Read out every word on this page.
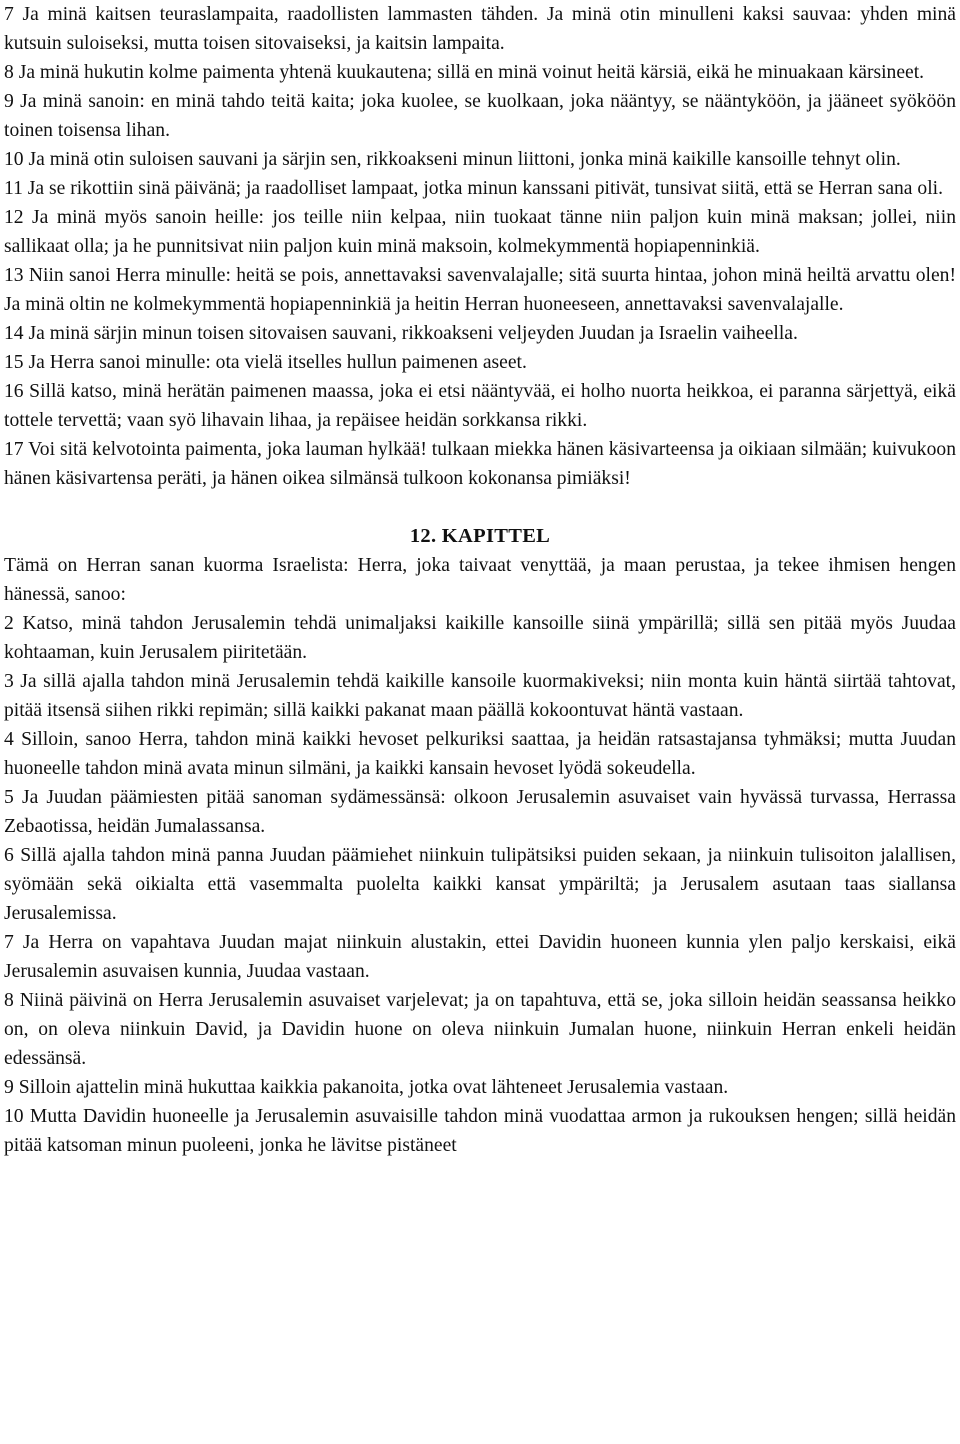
7 Ja minä kaitsen teuraslampaita, raadollisten lammasten tähden. Ja minä otin minulleni kaksi sauvaa: yhden minä kutsuin suloiseksi, mutta toisen sitovaiseksi, ja kaitsin lampaita.

8 Ja minä hukutin kolme paimenta yhtenä kuukautena; sillä en minä voinut heitä kärsiä, eikä he minuakaan kärsineet.

9 Ja minä sanoin: en minä tahdo teitä kaita; joka kuolee, se kuolkaan, joka nääntyy, se nääntyköön, ja jääneet syököön toinen toisensa lihan.

10 Ja minä otin suloisen sauvani ja särjin sen, rikkoakseni minun liittoni, jonka minä kaikille kansoille tehnyt olin.

11 Ja se rikottiin sinä päivänä; ja raadolliset lampaat, jotka minun kanssani pitivät, tunsivat siitä, että se Herran sana oli.

12 Ja minä myös sanoin heille: jos teille niin kelpaa, niin tuokaat tänne niin paljon kuin minä maksan; jollei, niin sallikaat olla; ja he punnitsivat niin paljon kuin minä maksoin, kolmekymmentä hopiapenninkiä.

13 Niin sanoi Herra minulle: heitä se pois, annettavaksi savenvalajalle; sitä suurta hintaa, johon minä heiltä arvattu olen! Ja minä oltin ne kolmekymmentä hopiapenninkiä ja heitin Herran huoneeseen, annettavaksi savenvalajalle.

14 Ja minä särjin minun toisen sitovaisen sauvani, rikkoakseni veljeyden Juudan ja Israelin vaiheella.

15 Ja Herra sanoi minulle: ota vielä itselles hullun paimenen aseet.

16 Sillä katso, minä herätän paimenen maassa, joka ei etsi nääntyvää, ei holho nuorta heikkoa, ei paranna särjettyä, eikä tottele tervettä; vaan syö lihavain lihaa, ja repäisee heidän sorkkansa rikki.

17 Voi sitä kelvotointa paimenta, joka lauman hylkää! tulkaan miekka hänen käsivarteensa ja oikiaan silmään; kuivukoon hänen käsivartensa peräti, ja hänen oikea silmänsä tulkoon kokonansa pimiäksi!

12. KAPITTEL

Tämä on Herran sanan kuorma Israelista: Herra, joka taivaat venyttää, ja maan perustaa, ja tekee ihmisen hengen hänessä, sanoo:

2 Katso, minä tahdon Jerusalemin tehdä unimaljaksi kaikille kansoille siinä ympärillä; sillä sen pitää myös Juudaa kohtaaman, kuin Jerusalem piiritetään.

3 Ja sillä ajalla tahdon minä Jerusalemin tehdä kaikille kansoile kuormakiveksi; niin monta kuin häntä siirtää tahtovat, pitää itsensä siihen rikki repimän; sillä kaikki pakanat maan päällä kokoontuvat häntä vastaan.

4 Silloin, sanoo Herra, tahdon minä kaikki hevoset pelkuriksi saattaa, ja heidän ratsastajansa tyhmäksi; mutta Juudan huoneelle tahdon minä avata minun silmäni, ja kaikki kansain hevoset lyödä sokeudella.

5 Ja Juudan päämiesten pitää sanoman sydämessänsä: olkoon Jerusalemin asuvaiset vain hyvässä turvassa, Herrassa Zebaotissa, heidän Jumalassansa.

6 Sillä ajalla tahdon minä panna Juudan päämiehet niinkuin tulipätsiksi puiden sekaan, ja niinkuin tulisoiton jalallisen, syömään sekä oikialta että vasemmalta puolelta kaikki kansat ympäriltä; ja Jerusalem asutaan taas siallansa Jerusalemissa.

7 Ja Herra on vapahtava Juudan majat niinkuin alustakin, ettei Davidin huoneen kunnia ylen paljo kerskaisi, eikä Jerusalemin asuvaisen kunnia, Juudaa vastaan.

8 Niinä päivinä on Herra Jerusalemin asuvaiset varjelevat; ja on tapahtuva, että se, joka silloin heidän seassansa heikko on, on oleva niinkuin David, ja Davidin huone on oleva niinkuin Jumalan huone, niinkuin Herran enkeli heidän edessänsä.

9 Silloin ajattelin minä hukuttaa kaikkia pakanoita, jotka ovat lähteneet Jerusalemia vastaan.

10 Mutta Davidin huoneelle ja Jerusalemin asuvaisille tahdon minä vuodattaa armon ja rukouksen hengen; sillä heidän pitää katsoman minun puoleeni, jonka he lävitse pistäneet
